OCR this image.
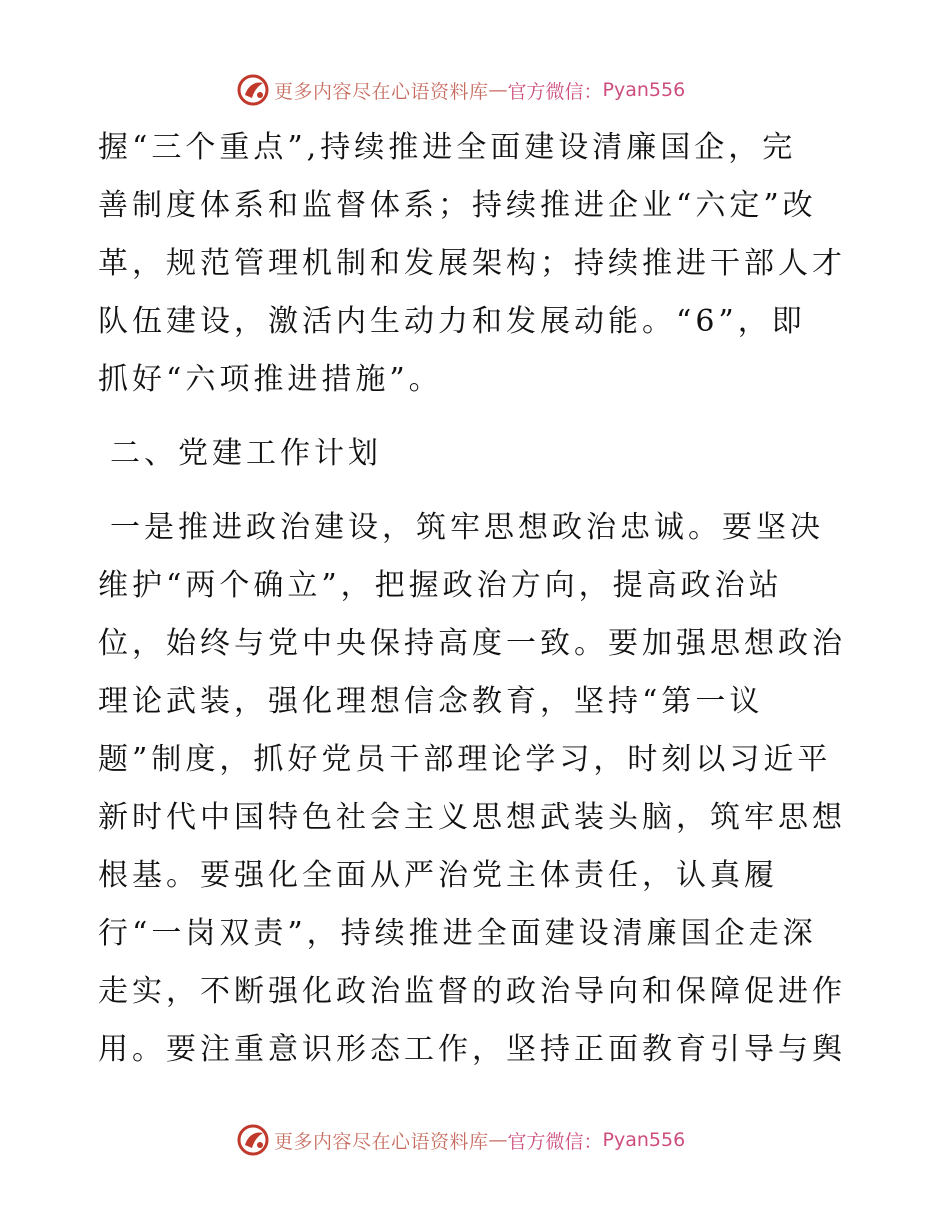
更多内容尽在心语资料库 — 官方微信： Pyan556
握“三个重点”,持续推进全面建设清廉国企，完
善制度体系和监督体系；持续推进企业“六定”改
革，规范管理机制和发展架构；持续推进干部人才
队伍建设，激活内生动力和发展动能。“6”，即
抓好“六项推进措施”。
二、党建工作计划
一是推进政治建设，筑牢思想政治忠诚。要坚决
维护“两个确立”，把握政治方向，提高政治站
位，始终与党中央保持高度一致。要加强思想政治
理论武装，强化理想信念教育，坚持“第一议
题”制度，抓好党员干部理论学习，时刻以习近平
新时代中国特色社会主义思想武装头脑，筑牢思想
根基。要强化全面从严治党主体责任，认真履
行“一岗双责”，持续推进全面建设清廉国企走深
走实，不断强化政治监督的政治导向和保障促进作
用。要注重意识形态工作，坚持正面教育引导与舆
更多内容尽在心语资料库 — 官方微信： Pyan556
